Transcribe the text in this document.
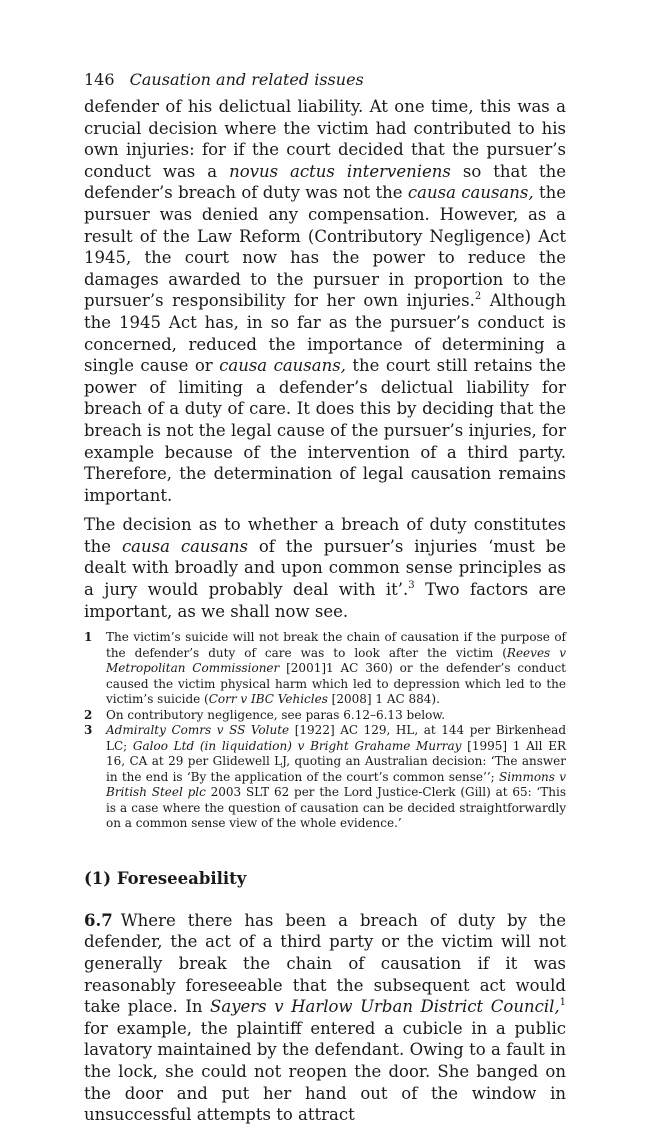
146 Causation and related issues

defender of his delictual liability. At one time, this was a crucial decision where the victim had contributed to his own injuries: for if the court decided that the pursuer’s conduct was a novus actus interveniens so that the defender’s breach of duty was not the causa causans, the pursuer was denied any compensation. However, as a result of the Law Reform (Contributory Negligence) Act 1945, the court now has the power to reduce the damages awarded to the pursuer in proportion to the pursuer’s responsibility for her own injuries.$^2$ Although the 1945 Act has, in so far as the pursuer’s conduct is concerned, reduced the importance of determining a single cause or causa causans, the court still retains the power of limiting a defender’s delictual liability for breach of a duty of care. It does this by deciding that the breach is not the legal cause of the pursuer’s injuries, for example because of the intervention of a third party. Therefore, the determination of legal causation remains important.

The decision as to whether a breach of duty constitutes the causa causans of the pursuer’s injuries ‘must be dealt with broadly and upon common sense principles as a jury would probably deal with it’.$^3$ Two factors are important, as we shall now see.

1	The victim’s suicide will not break the chain of causation if the purpose of the defender’s duty of care was to look after the victim (Reeves v Metropolitan Commissioner [2001]1 AC 360) or the defender’s conduct caused the victim physical harm which led to depression which led to the victim’s suicide (Corr v IBC Vehicles [2008] 1 AC 884).
2	On contributory negligence, see paras 6.12–6.13 below.
3	Admiralty Comrs v SS Volute [1922] AC 129, HL, at 144 per Birkenhead LC; Galoo Ltd (in liquidation) v Bright Grahame Murray [1995] 1 All ER 16, CA at 29 per Glidewell LJ, quoting an Australian decision: ‘The answer in the end is ‘By the application of the court’s common sense’’; Simmons v British Steel plc 2003 SLT 62 per the Lord Justice-Clerk (Gill) at 65: ‘This is a case where the question of causation can be decided straightforwardly on a common sense view of the whole evidence.’
(1) Foreseeability

6.7 Where there has been a breach of duty by the defender, the act of a third party or the victim will not generally break the chain of causation if it was reasonably foreseeable that the subsequent act would take place. In Sayers v Harlow Urban District Council,$^1$ for example, the plaintiff entered a cubicle in a public lavatory maintained by the defendant. Owing to a fault in the lock, she could not reopen the door. She banged on the door and put her hand out of the window in unsuccessful attempts to attract
